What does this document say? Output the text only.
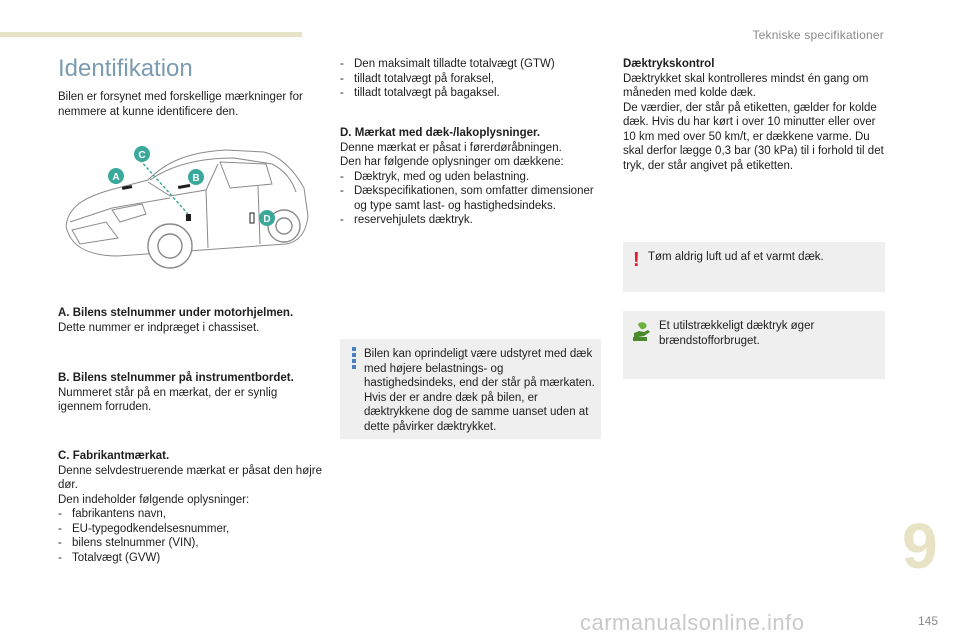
Tekniske specifikationer
Identifikation

Bilen er forsynet med forskellige mærkninger for nemmere at kunne identificere den.

A	B
C
D

A. Bilens stelnummer under motorhjelmen.

Dette nummer er indpræget i chassiset.

B. Bilens stelnummer på instrumentbordet.

Nummeret står på en mærkat, der er synlig igennem forruden.

C. Fabrikantmærkat.

Denne selvdestruerende mærkat er påsat den højre dør.

Den indeholder følgende oplysninger:

- fabrikantens navn,
- EU-typegodkendelsesnummer,
- bilens stelnummer (VIN),
- Totalvægt (GVW)
- Den maksimalt tilladte totalvægt (GTW)
- tilladt totalvægt på foraksel,
- tilladt totalvægt på bagaksel.

D. Mærkat med dæk-/lakoplysninger.

Denne mærkat er påsat i førerdøråbningen.

Den har følgende oplysninger om dækkene:

- Dæktryk, med og uden belastning.
- Dækspecifikationen, som omfatter dimensioner og type samt last- og hastighedsindeks.
- reservehjulets dæktryk.

Bilen kan oprindeligt være udstyret med dæk med højere belastnings- og hastighedsindeks, end der står på mærkaten. Hvis der er andre dæk på bilen, er dæktrykkene dog de samme uanset uden at dette påvirker dæktrykket.

Dæktrykskontrol

Dæktrykket skal kontrolleres mindst én gang om måneden med kolde dæk.

De værdier, der står på etiketten, gælder for kolde dæk. Hvis du har kørt i over 10 minutter eller over 10 km med over 50 km/t, er dækkene varme. Du skal derfor lægge 0,3 bar (30 kPa) til i forhold til det tryk, der står angivet på etiketten.

! Tøm aldrig luft ud af et varmt dæk.

Et utilstrækkeligt dæktryk øger brændstofforbruget.

carmanualsonline.info
9
145
